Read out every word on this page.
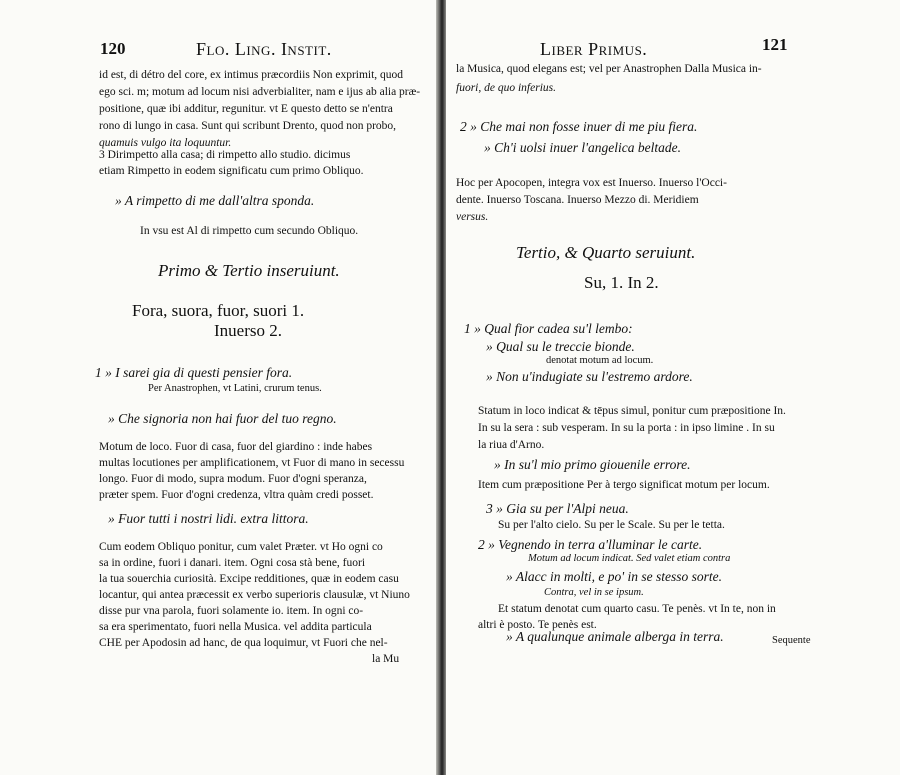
120	Flo. Ling. Instit.
id est, di détro del core, ex intimus præcordiis Non exprimit, quod
ego sci. m; motum ad locum nisi adverbialiter, nam e ijus ab alia præ-
positione, quæ ibi additur, regunitur. vt E questo detto se n'entra
rono di lungo in casa. Sunt qui scribunt Drento, quod non probo,
quamuis vulgo ita loquuntur.
3 Dirimpetto alla casa; di rimpetto allo studio. dicimus
etiam Rimpetto in eodem significatu cum primo Obliquo.
» A rimpetto di me dall'altra sponda.
In vsu est Al di rimpetto cum secundo Obliquo.
Primo & Tertio inseruiunt.
Fora, suora, fuor, suori 1.
Inuerso 2.
1 » I sarei gia di questi pensier fora.
Per Anastrophen, vt Latini, crurum tenus.
» Che signoria non hai fuor del tuo regno.
Motum de loco. Fuor di casa, fuor del giardino : inde habes
multas locutiones per amplificationem, vt Fuor di mano in secessu
longo. Fuor di modo, supra modum. Fuor d'ogni speranza,
præter spem. Fuor d'ogni credenza, vltra quàm credi posset.
» Fuor tutti i nostri lidi. extra littora.
Cum eodem Obliquo ponitur, cum valet Præter. vt Ho ogni co
sa in ordine, fuori i danari. item. Ogni cosa stà bene, fuori
la tua souerchia curiosità. Excipe redditiones, quæ in eodem casu
locantur, qui antea præcessit ex verbo superioris clausulæ, vt Niuno
disse pur vna parola, fuori solamente io. item. In ogni co-
sa era sperimentato, fuori nella Musica. vel addita particula
CHE per Apodosin ad hanc, de qua loquimur, vt Fuori che nel-
la Mu
Liber Primus.	121
la Musica, quod elegans est; vel per Anastrophen Dalla Musica in-
fuori, de quo inferius.
2 » Che mai non fosse inuer di me piu fiera.
» Ch'i uolsi inuer l'angelica beltade.
Hoc per Apocopen, integra vox est Inuerso. Inuerso l'Occi-
dente. Inuerso Toscana. Inuerso Mezzo di. Meridiem
versus.
Tertio, & Quarto seruiunt.
Su, 1. In 2.
1 » Qual fior cadea su'l lembo:
» Qual su le treccie bionde.
denotat motum ad locum.
» Non u'indugiate su l'estremo ardore.
Statum in loco indicat & tēpus simul, ponitur cum præpositione In.
In su la sera : sub vesperam. In su la porta : in ipso limine . In su
la riua d'Arno.
» In su'l mio primo giouenile errore.
Item cum præpositione Per à tergo significat motum per locum.
3 » Gia su per l'Alpi neua.
Su per l'alto cielo. Su per le Scale. Su per le tetta.
2 » Vegnendo in terra a'lluminar le carte.
Motum ad locum indicat. Sed valet etiam contra
» Alacc in molti, e po' in se stesso sorte.
Contra, vel in se ipsum.
Et statum denotat cum quarto casu. Te penès. vt In te, non in
altri è posto. Te penès est.
» A qualunque animale alberga in terra.	Sequente
